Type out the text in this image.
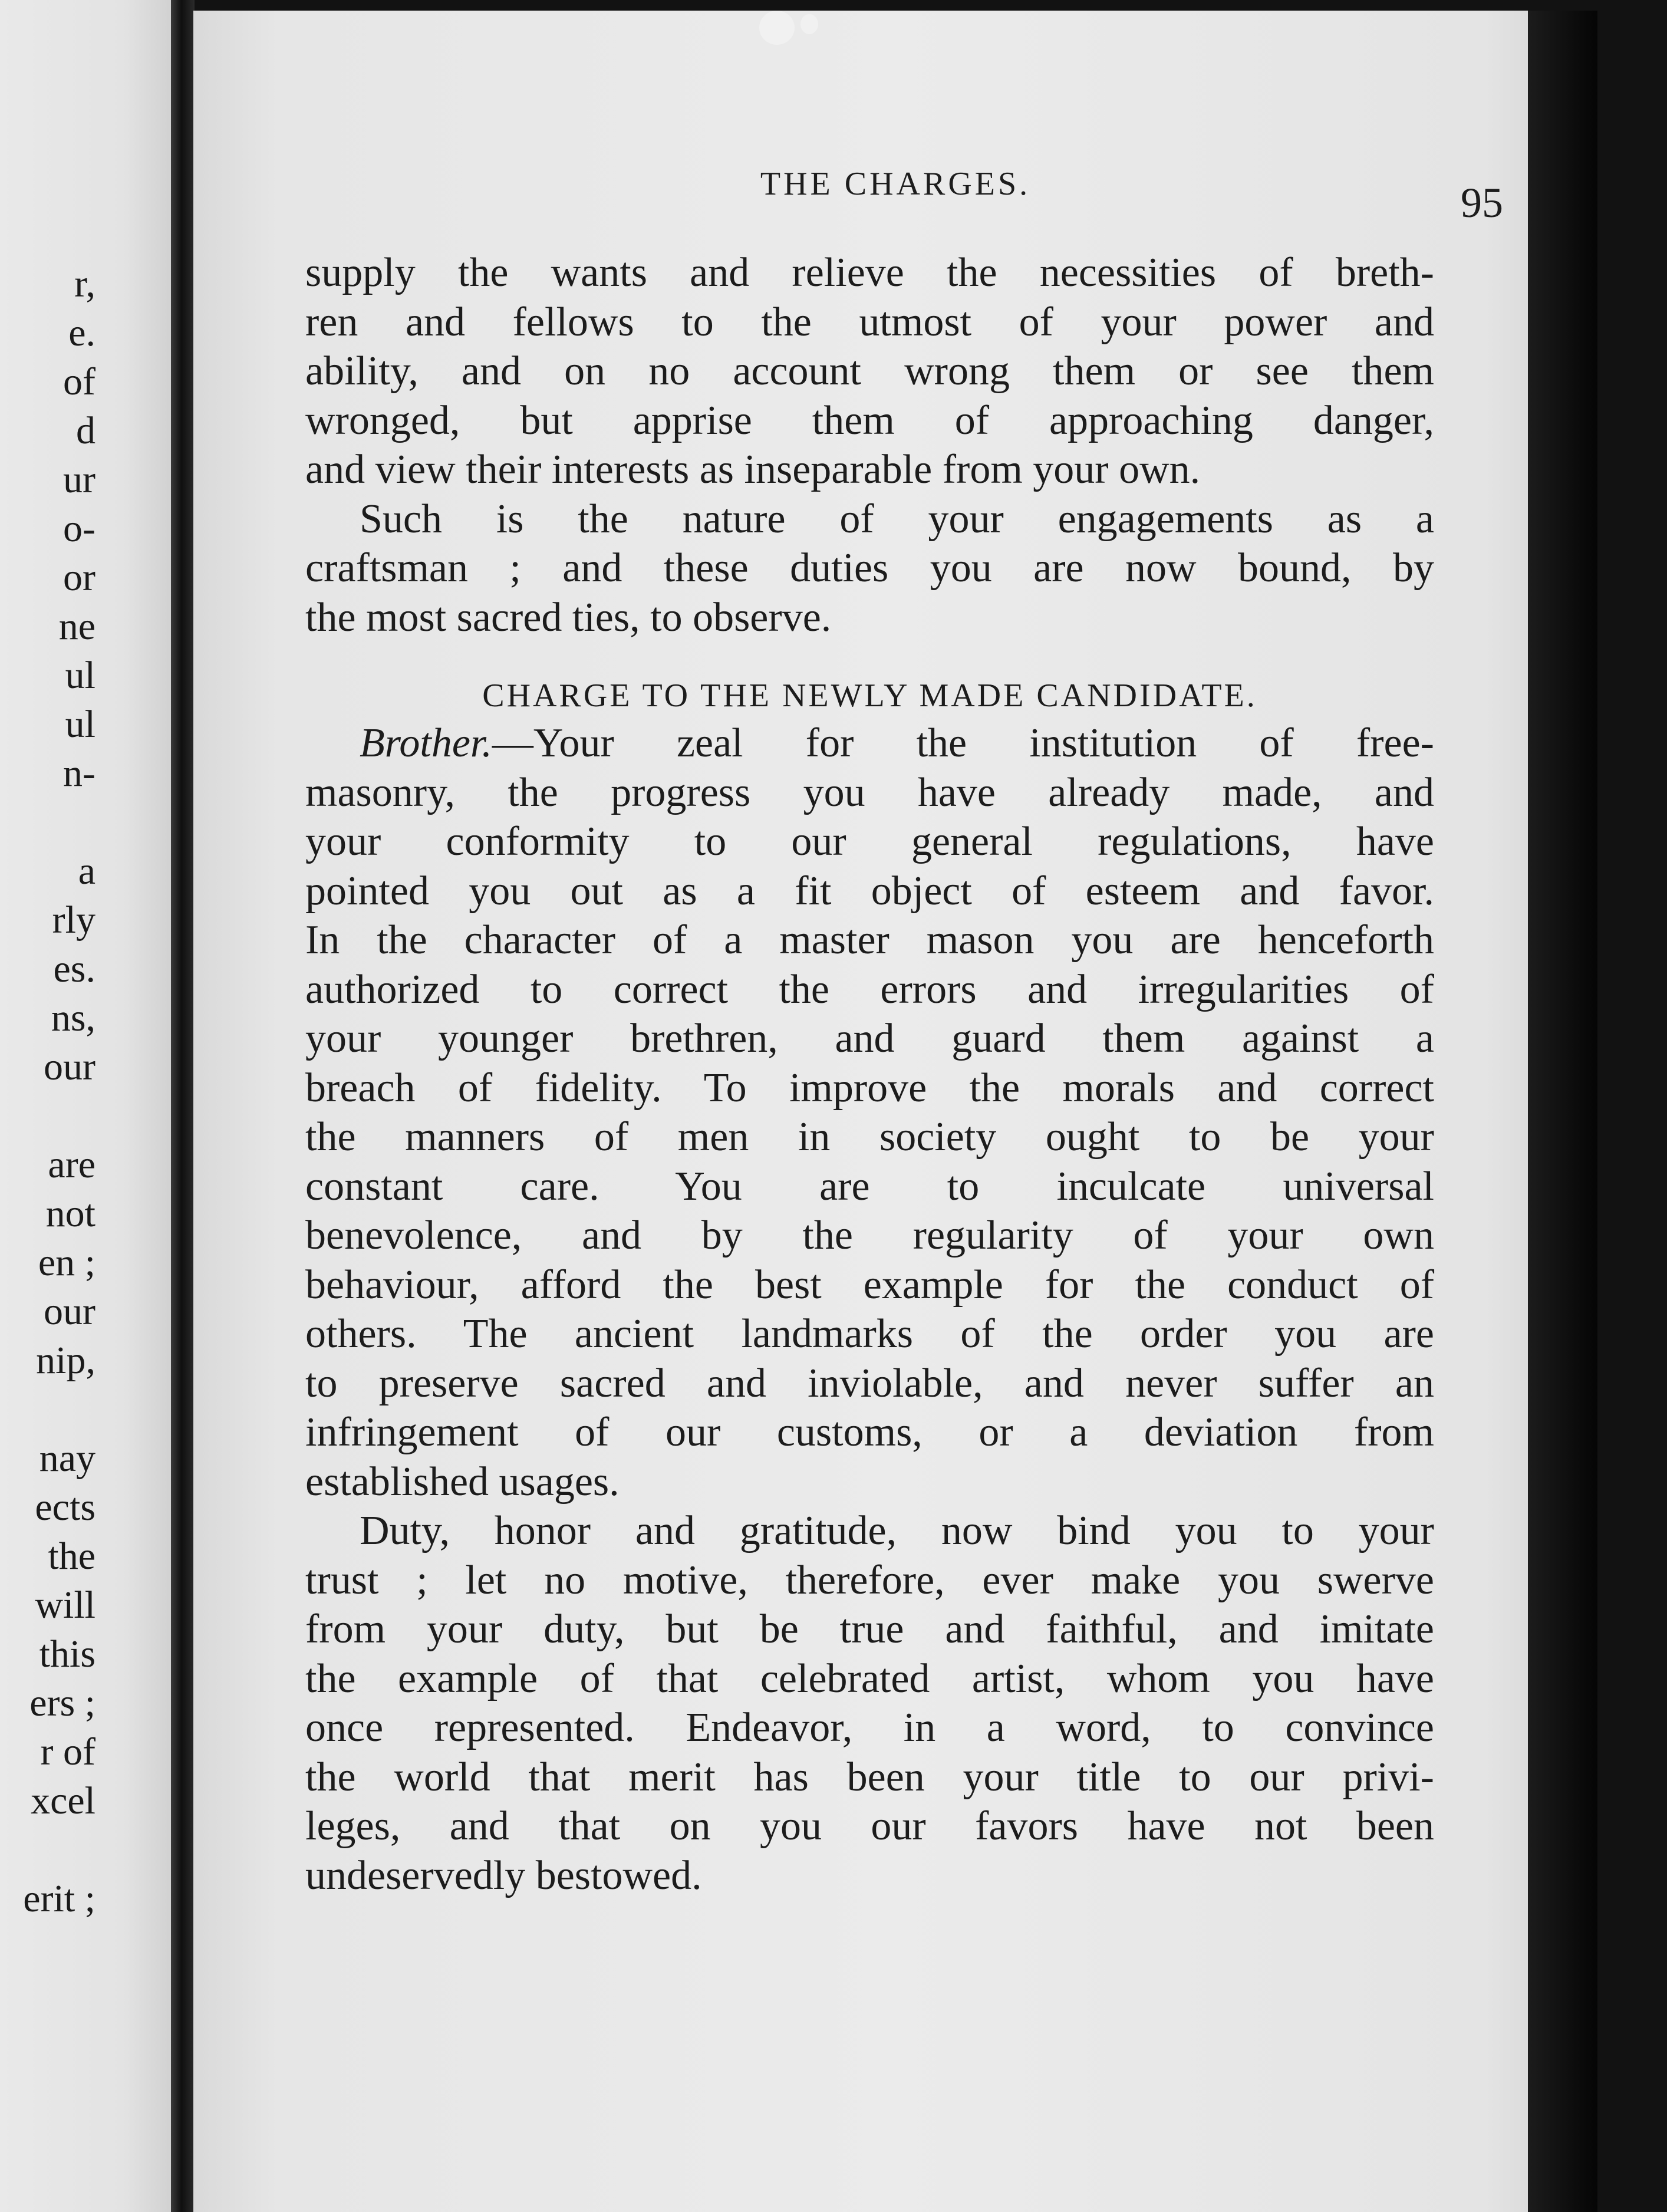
r,
e.
of
d
ur
o-
or
ne
ul
ul
n-
a
rly
es.
ns,
our
are
not
en ;
our
nip,
nay
ects
the
will
this
ers ;
r of
xcel
erit ;
THE CHARGES.	95
supply the wants and relieve the necessities of breth-
ren and fellows to the utmost of your power and
ability, and on no account wrong them or see them
wronged, but apprise them of approaching danger,
and view their interests as inseparable from your own.
Such is the nature of your engagements as a
craftsman ; and these duties you are now bound, by
the most sacred ties, to observe.
CHARGE TO THE NEWLY MADE CANDIDATE.
Brother.—Your zeal for the institution of free-
masonry, the progress you have already made, and
your conformity to our general regulations, have
pointed you out as a fit object of esteem and favor.
In the character of a master mason you are henceforth
authorized to correct the errors and irregularities of
your younger brethren, and guard them against a
breach of fidelity. To improve the morals and correct
the manners of men in society ought to be your
constant care. You are to inculcate universal
benevolence, and by the regularity of your own
behaviour, afford the best example for the conduct of
others. The ancient landmarks of the order you are
to preserve sacred and inviolable, and never suffer an
infringement of our customs, or a deviation from
established usages.
Duty, honor and gratitude, now bind you to your
trust ; let no motive, therefore, ever make you swerve
from your duty, but be true and faithful, and imitate
the example of that celebrated artist, whom you have
once represented. Endeavor, in a word, to convince
the world that merit has been your title to our privi-
leges, and that on you our favors have not been
undeservedly bestowed.
